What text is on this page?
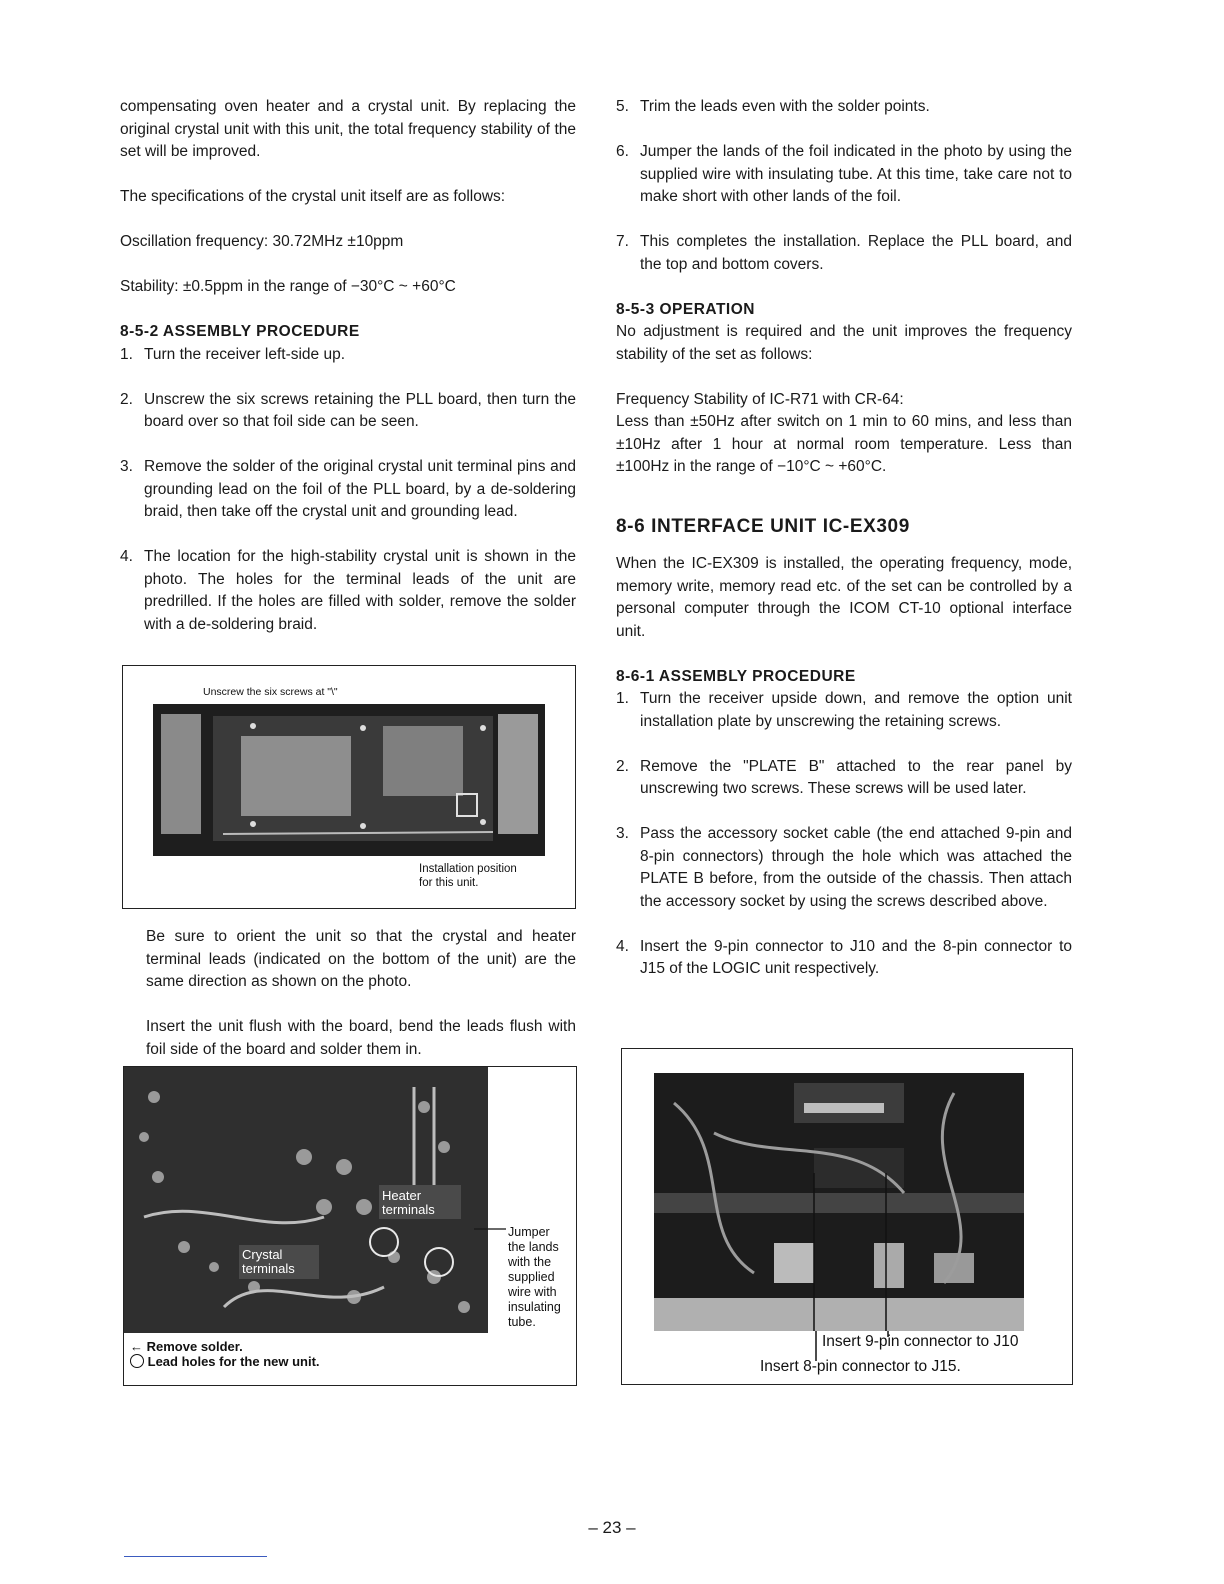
compensating oven heater and a crystal unit. By replacing the original crystal unit with this unit, the total frequency stability of the set will be improved.

The specifications of the crystal unit itself are as follows:

Oscillation frequency: 30.72MHz ±10ppm

Stability: ±0.5ppm in the range of −30°C ~ +60°C

8-5-2 ASSEMBLY PROCEDURE

1. Turn the receiver left-side up.
2. Unscrew the six screws retaining the PLL board, then turn the board over so that foil side can be seen.
3. Remove the solder of the original crystal unit terminal pins and grounding lead on the foil of the PLL board, by a de-soldering braid, then take off the crystal unit and grounding lead.
4. The location for the high-stability crystal unit is shown in the photo. The holes for the terminal leads of the unit are predrilled. If the holes are filled with solder, remove the solder with a de-soldering braid.
Unscrew the six screws at "\"
Installation position
for this unit.

Be sure to orient the unit so that the crystal and heater terminal leads (indicated on the bottom of the unit) are the same direction as shown on the photo.

Insert the unit flush with the board, bend the leads flush with foil side of the board and solder them in.

Heater terminals
Crystal terminals
Jumper
the lands
with the
supplied
wire with
insulating
tube.
← Remove solder.
Lead holes for the new unit.
5. Trim the leads even with the solder points.
6. Jumper the lands of the foil indicated in the photo by using the supplied wire with insulating tube. At this time, take care not to make short with other lands of the foil.
7. This completes the installation. Replace the PLL board, and the top and bottom covers.

8-5-3 OPERATION

No adjustment is required and the unit improves the frequency stability of the set as follows:

Frequency Stability of IC-R71 with CR-64:

Less than ±50Hz after switch on 1 min to 60 mins, and less than ±10Hz after 1 hour at normal room temperature. Less than ±100Hz in the range of −10°C ~ +60°C.

8-6 INTERFACE UNIT IC-EX309

When the IC-EX309 is installed, the operating frequency, mode, memory write, memory read etc. of the set can be controlled by a personal computer through the ICOM CT-10 optional interface unit.

8-6-1 ASSEMBLY PROCEDURE

1. Turn the receiver upside down, and remove the option unit installation plate by unscrewing the retaining screws.
2. Remove the "PLATE B" attached to the rear panel by unscrewing two screws. These screws will be used later.
3. Pass the accessory socket cable (the end attached 9-pin and 8-pin connectors) through the hole which was attached the PLATE B before, from the outside of the chassis. Then attach the accessory socket by using the screws described above.
4. Insert the 9-pin connector to J10 and the 8-pin connector to J15 of the LOGIC unit respectively.
Insert 9-pin connector to J10
Insert 8-pin connector to J15.
– 23 –
